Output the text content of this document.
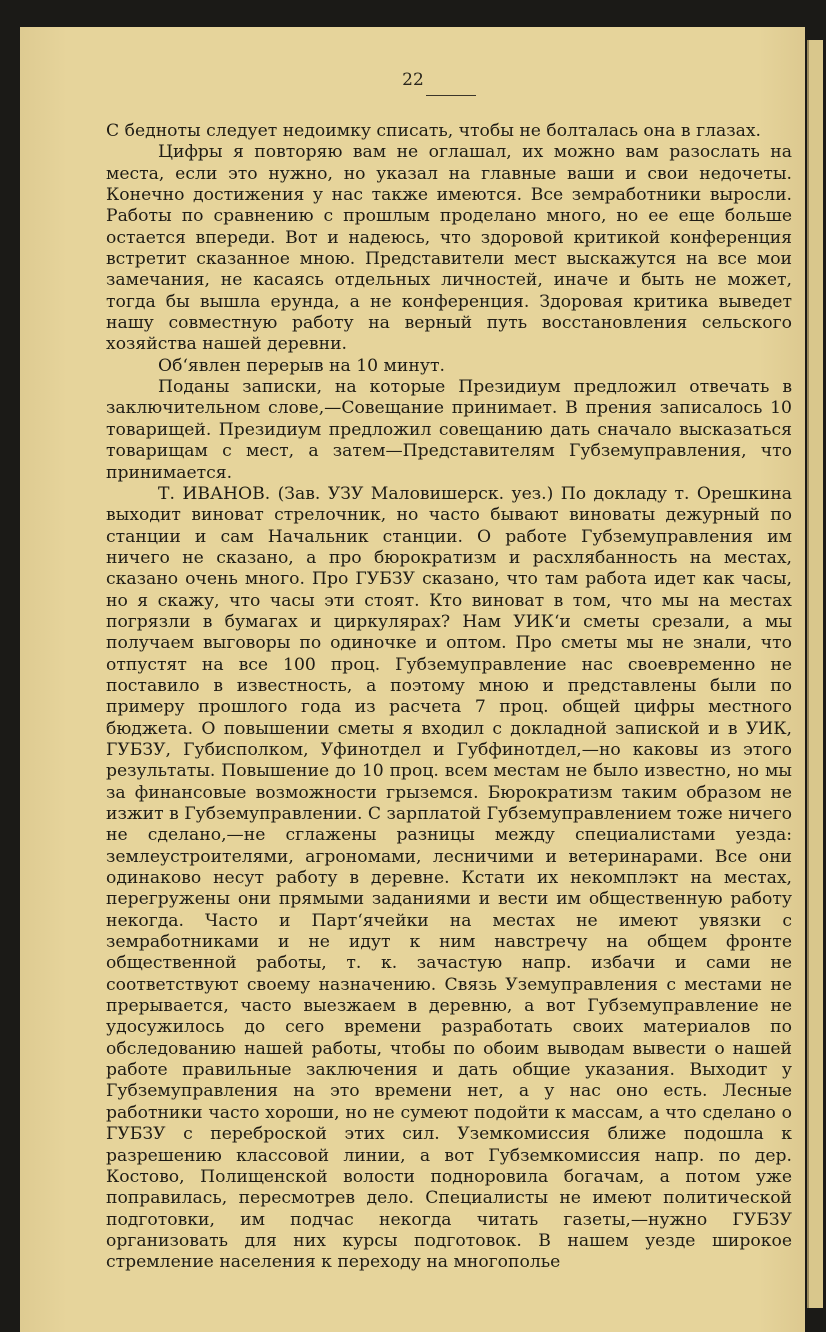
22

С бедноты следует недоимку списать, чтобы не болталась она в глазах.

Цифры я повторяю вам не оглашал, их можно вам разослать на места, если это нужно, но указал на главные ваши и свои недочеты. Конечно достижения у нас также имеются. Все земработники выросли. Работы по сравнению с прошлым проделано много, но ее еще больше остается впереди. Вот и надеюсь, что здоровой критикой конференция встретит сказанное мною. Представители мест выскажутся на все мои замечания, не касаясь отдельных личностей, иначе и быть не может, тогда бы вышла ерунда, а не конференция. Здоровая критика выведет нашу совместную работу на верный путь восстановления сельского хозяйства нашей деревни.

Об‘явлен перерыв на 10 минут.

Поданы записки, на которые Президиум предложил отвечать в заключительном слове,—Совещание принимает. В прения записалось 10 товарищей. Президиум предложил совещанию дать сначало высказаться товарищам с мест, а затем—Представителям Губземуправления, что принимается.

Т. ИВАНОВ. (Зав. УЗУ Маловишерск. уез.) По докладу т. Орешкина выходит виноват стрелочник, но часто бывают виноваты дежурный по станции и сам Начальник станции. О работе Губземуправления им ничего не сказано, а про бюрократизм и расхлябанность на местах, сказано очень много. Про ГУБЗУ сказано, что там работа идет как часы, но я скажу, что часы эти стоят. Кто виноват в том, что мы на местах погрязли в бумагах и циркулярах? Нам УИК‘и сметы срезали, а мы получаем выговоры по одиночке и оптом. Про сметы мы не знали, что отпустят на все 100 проц. Губземуправление нас своевременно не поставило в известность, а поэтому мною и представлены были по примеру прошлого года из расчета 7 проц. общей цифры местного бюджета. О повышении сметы я входил с докладной запиской и в УИК, ГУБЗУ, Губисполком, Уфинотдел и Губфинотдел,—но каковы из этого результаты. Повышение до 10 проц. всем местам не было известно, но мы за финансовые возможности грыземся. Бюрократизм таким образом не изжит в Губземуправлении. С зарплатой Губземуправлением тоже ничего не сделано,—не сглажены разницы между специалистами уезда: землеустроителями, агрономами, лесничими и ветеринарами. Все они одинаково несут работу в деревне. Кстати их некомплэкт на местах, перегружены они прямыми заданиями и вести им общественную работу некогда. Часто и Парт‘ячейки на местах не имеют увязки с земработниками и не идут к ним навстречу на общем фронте общественной работы, т. к. зачастую напр. избачи и сами не соответствуют своему назначению. Связь Уземуправления с местами не прерывается, часто выезжаем в деревню, а вот Губземуправление не удосужилось до сего времени разработать своих материалов по обследованию нашей работы, чтобы по обоим выводам вывести о нашей работе правильные заключения и дать общие указания. Выходит у Губземуправления на это времени нет, а у нас оно есть. Лесные работники часто хороши, но не сумеют подойти к массам, а что сделано о ГУБЗУ с переброской этих сил. Уземкомиссия ближе подошла к разрешению классовой линии, а вот Губземкомиссия напр. по дер. Костово, Полищенской волости подноровила богачам, а потом уже поправилась, пересмотрев дело. Специалисты не имеют политической подготовки, им подчас некогда читать газеты,—нужно ГУБЗУ организовать для них курсы подготовок. В нашем уезде широкое стремление населения к переходу на многополье
